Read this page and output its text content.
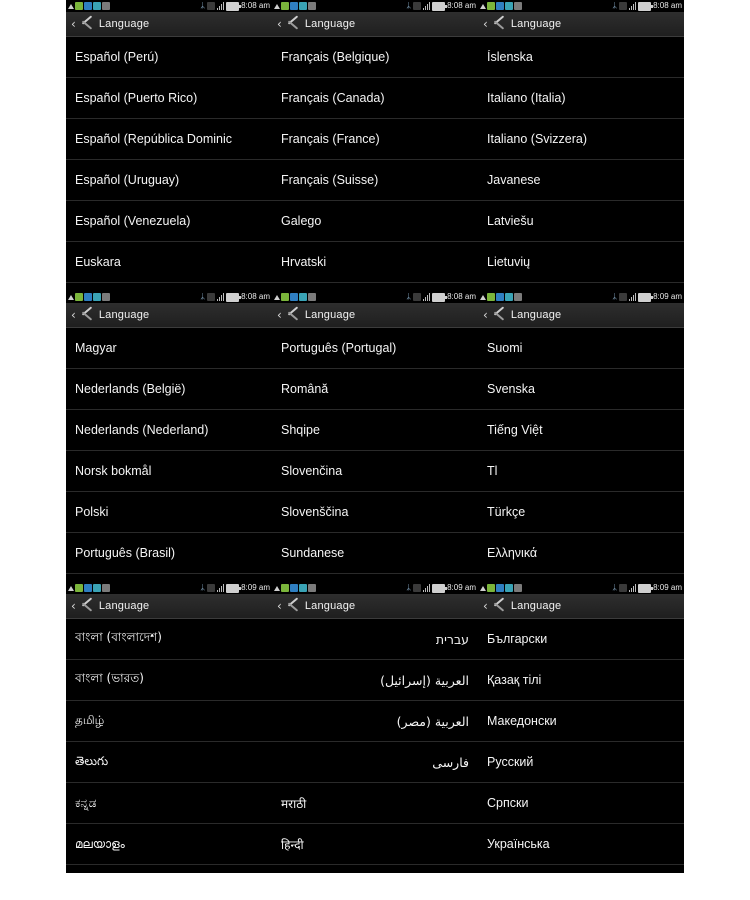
ᛦ	8:08 am
‹ Language
Español (Perú)
Español (Puerto Rico)
Español (República Dominic
Español (Uruguay)
Español (Venezuela)
Euskara
ᛦ	8:08 am
‹ Language
Français (Belgique)
Français (Canada)
Français (France)
Français (Suisse)
Galego
Hrvatski
ᛦ	8:08 am
‹ Language
Íslenska
Italiano (Italia)
Italiano (Svizzera)
Javanese
Latviešu
Lietuvių
ᛦ	8:08 am
‹ Language
Magyar
Nederlands (België)
Nederlands (Nederland)
Norsk bokmål
Polski
Português (Brasil)
ᛦ	8:08 am
‹ Language
Português (Portugal)
Română
Shqipe
Slovenčina
Slovenščina
Sundanese
ᛦ	8:09 am
‹ Language
Suomi
Svenska
Tiếng Việt
Tl
Türkçe
Ελληνικά
ᛦ	8:09 am
‹ Language
বাংলা (বাংলাদেশ)
বাংলা (ভারত)
தமிழ்
తెలుగు
ಕನ್ನಡ
മലയാളം
ᛦ	8:09 am
‹ Language
עברית
العربية (إسرائيل)
العربية (مصر)
فارسی
मराठी
हिन्दी
ᛦ	8:09 am
‹ Language
Български
Қазақ тілі
Македонски
Русский
Српски
Українська
